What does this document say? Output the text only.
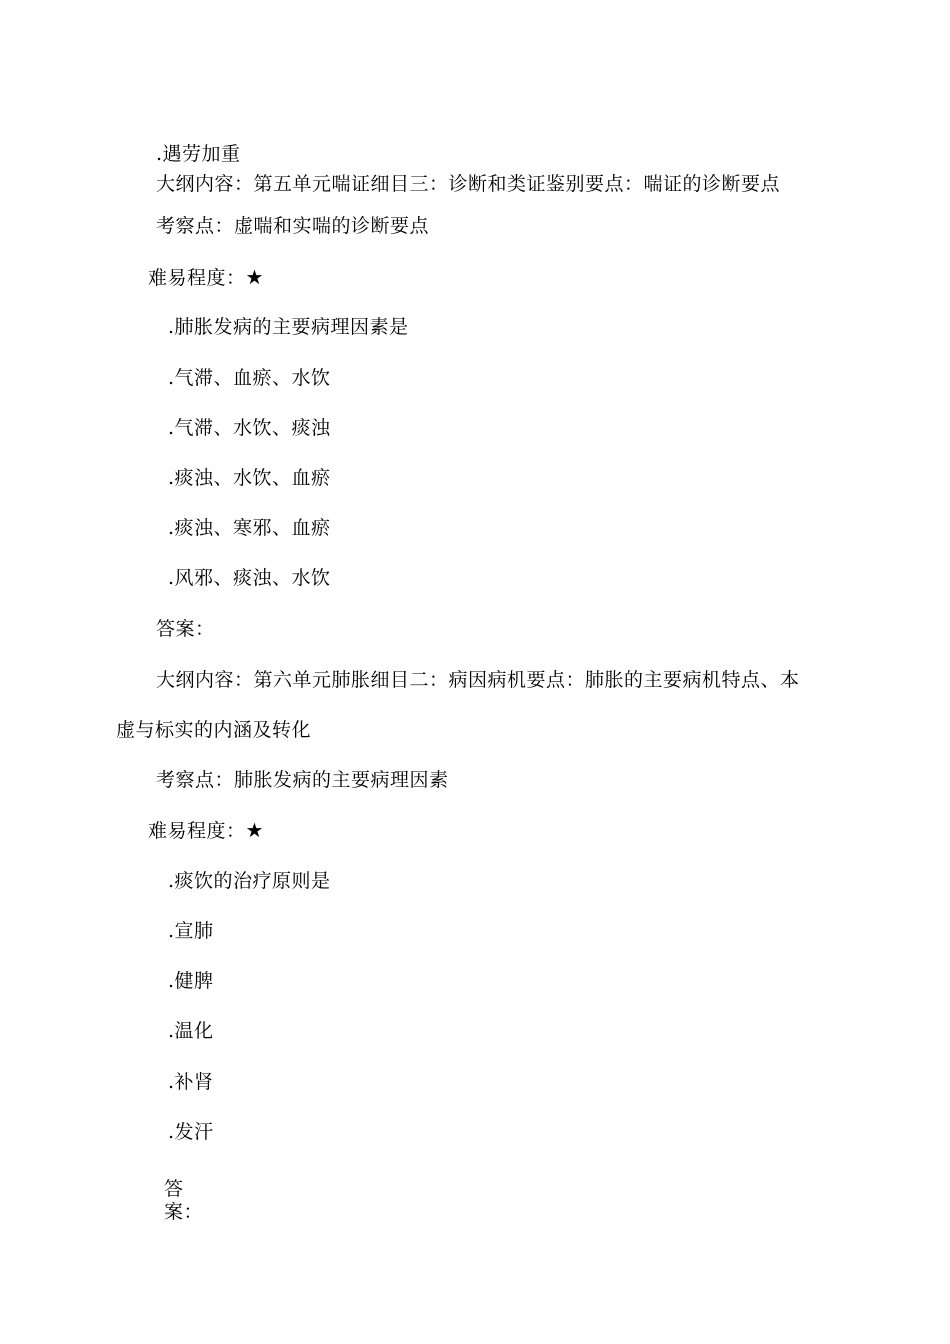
.遇劳加重
大纲内容：第五单元喘证细目三：诊断和类证鉴别要点：喘证的诊断要点
考察点：虚喘和实喘的诊断要点
难易程度：★
.肺胀发病的主要病理因素是
.气滞、血瘀、水饮
.气滞、水饮、痰浊
.痰浊、水饮、血瘀
.痰浊、寒邪、血瘀
.风邪、痰浊、水饮
答案：
大纲内容：第六单元肺胀细目二：病因病机要点：肺胀的主要病机特点、本
虚与标实的内涵及转化
考察点：肺胀发病的主要病理因素
难易程度：★
.痰饮的治疗原则是
.宣肺
.健脾
.温化
.补肾
.发汗
答
案：
